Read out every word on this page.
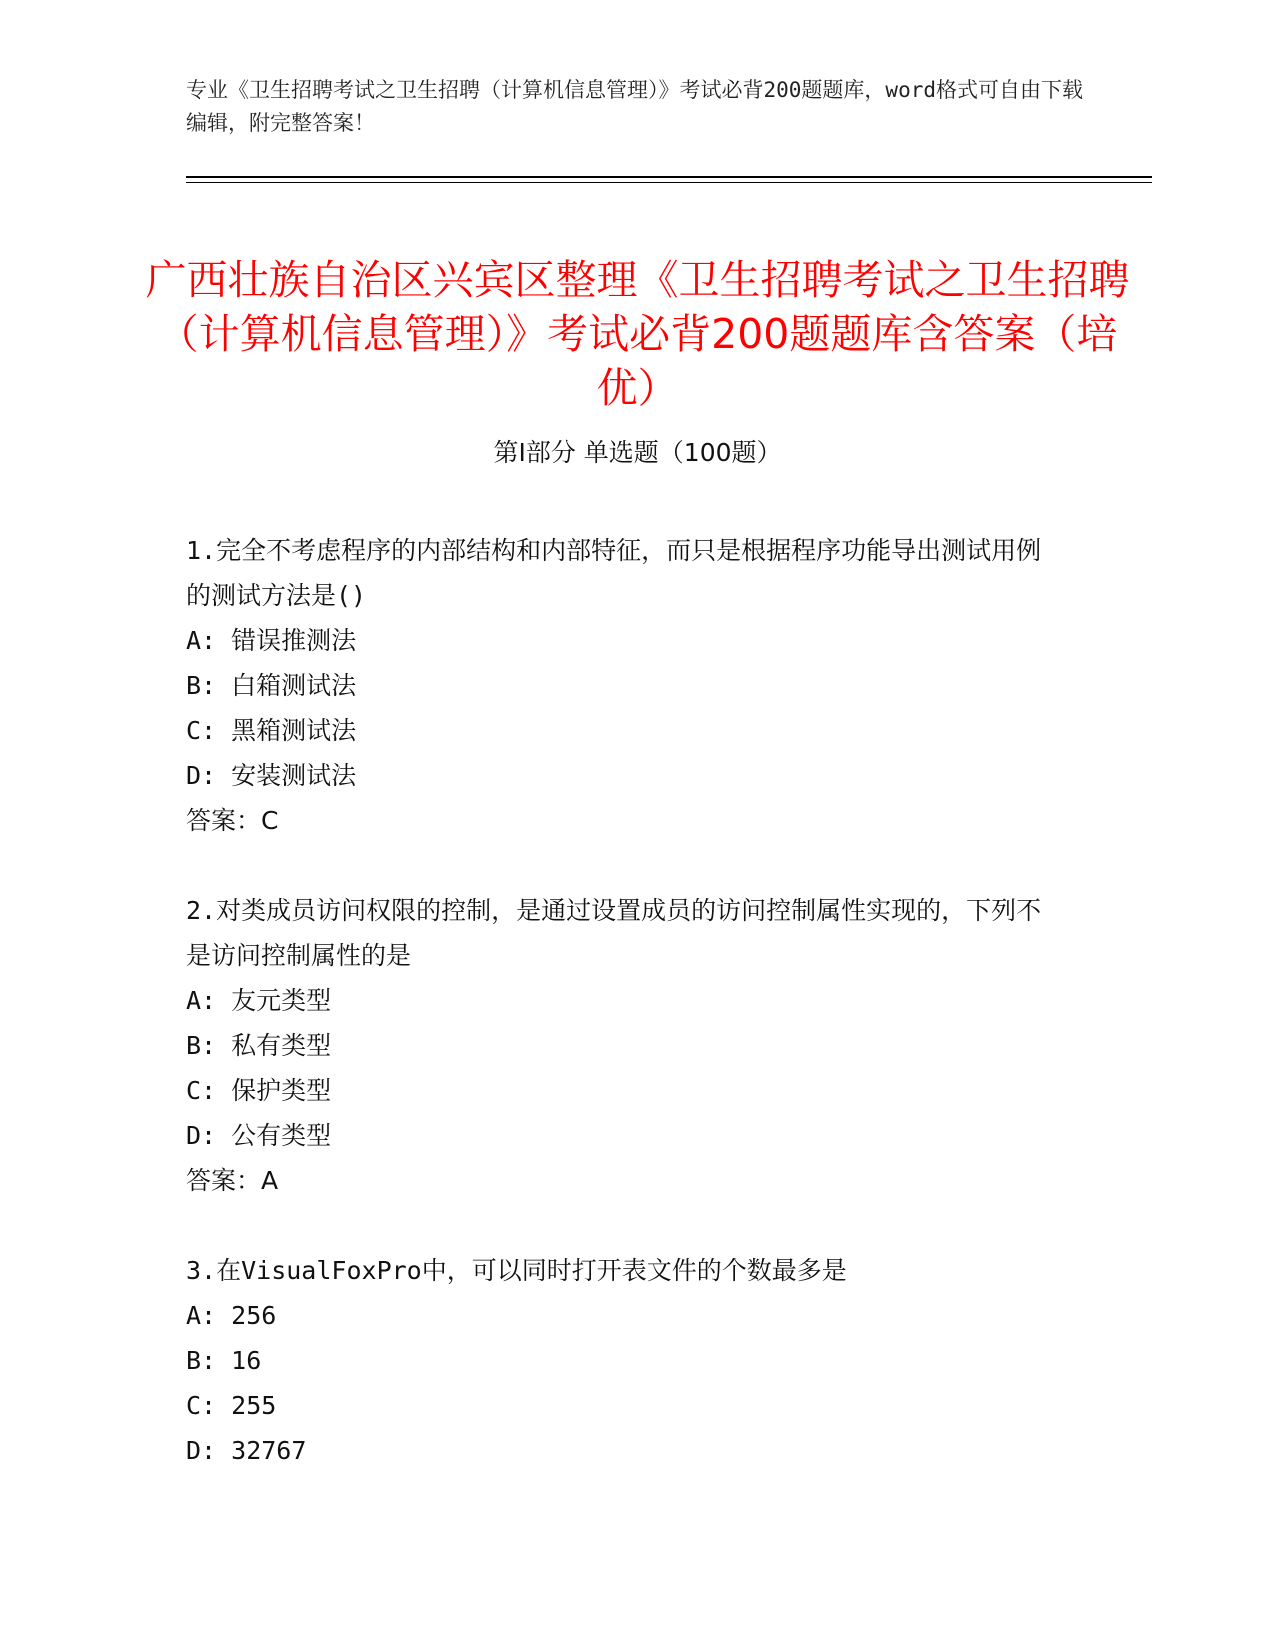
专业《卫生招聘考试之卫生招聘（计算机信息管理）》考试必背200题题库，word格式可自由下载编辑，附完整答案！
广西壮族自治区兴宾区整理《卫生招聘考试之卫生招聘（计算机信息管理）》考试必背200题题库含答案（培优）
第Ⅰ部分 单选题（100题）
1.完全不考虑程序的内部结构和内部特征，而只是根据程序功能导出测试用例的测试方法是()
A: 错误推测法
B: 白箱测试法
C: 黑箱测试法
D: 安装测试法
答案：C
2.对类成员访问权限的控制，是通过设置成员的访问控制属性实现的，下列不是访问控制属性的是
A: 友元类型
B: 私有类型
C: 保护类型
D: 公有类型
答案：A
3.在VisualFoxPro中，可以同时打开表文件的个数最多是
A: 256
B: 16
C: 255
D: 32767
